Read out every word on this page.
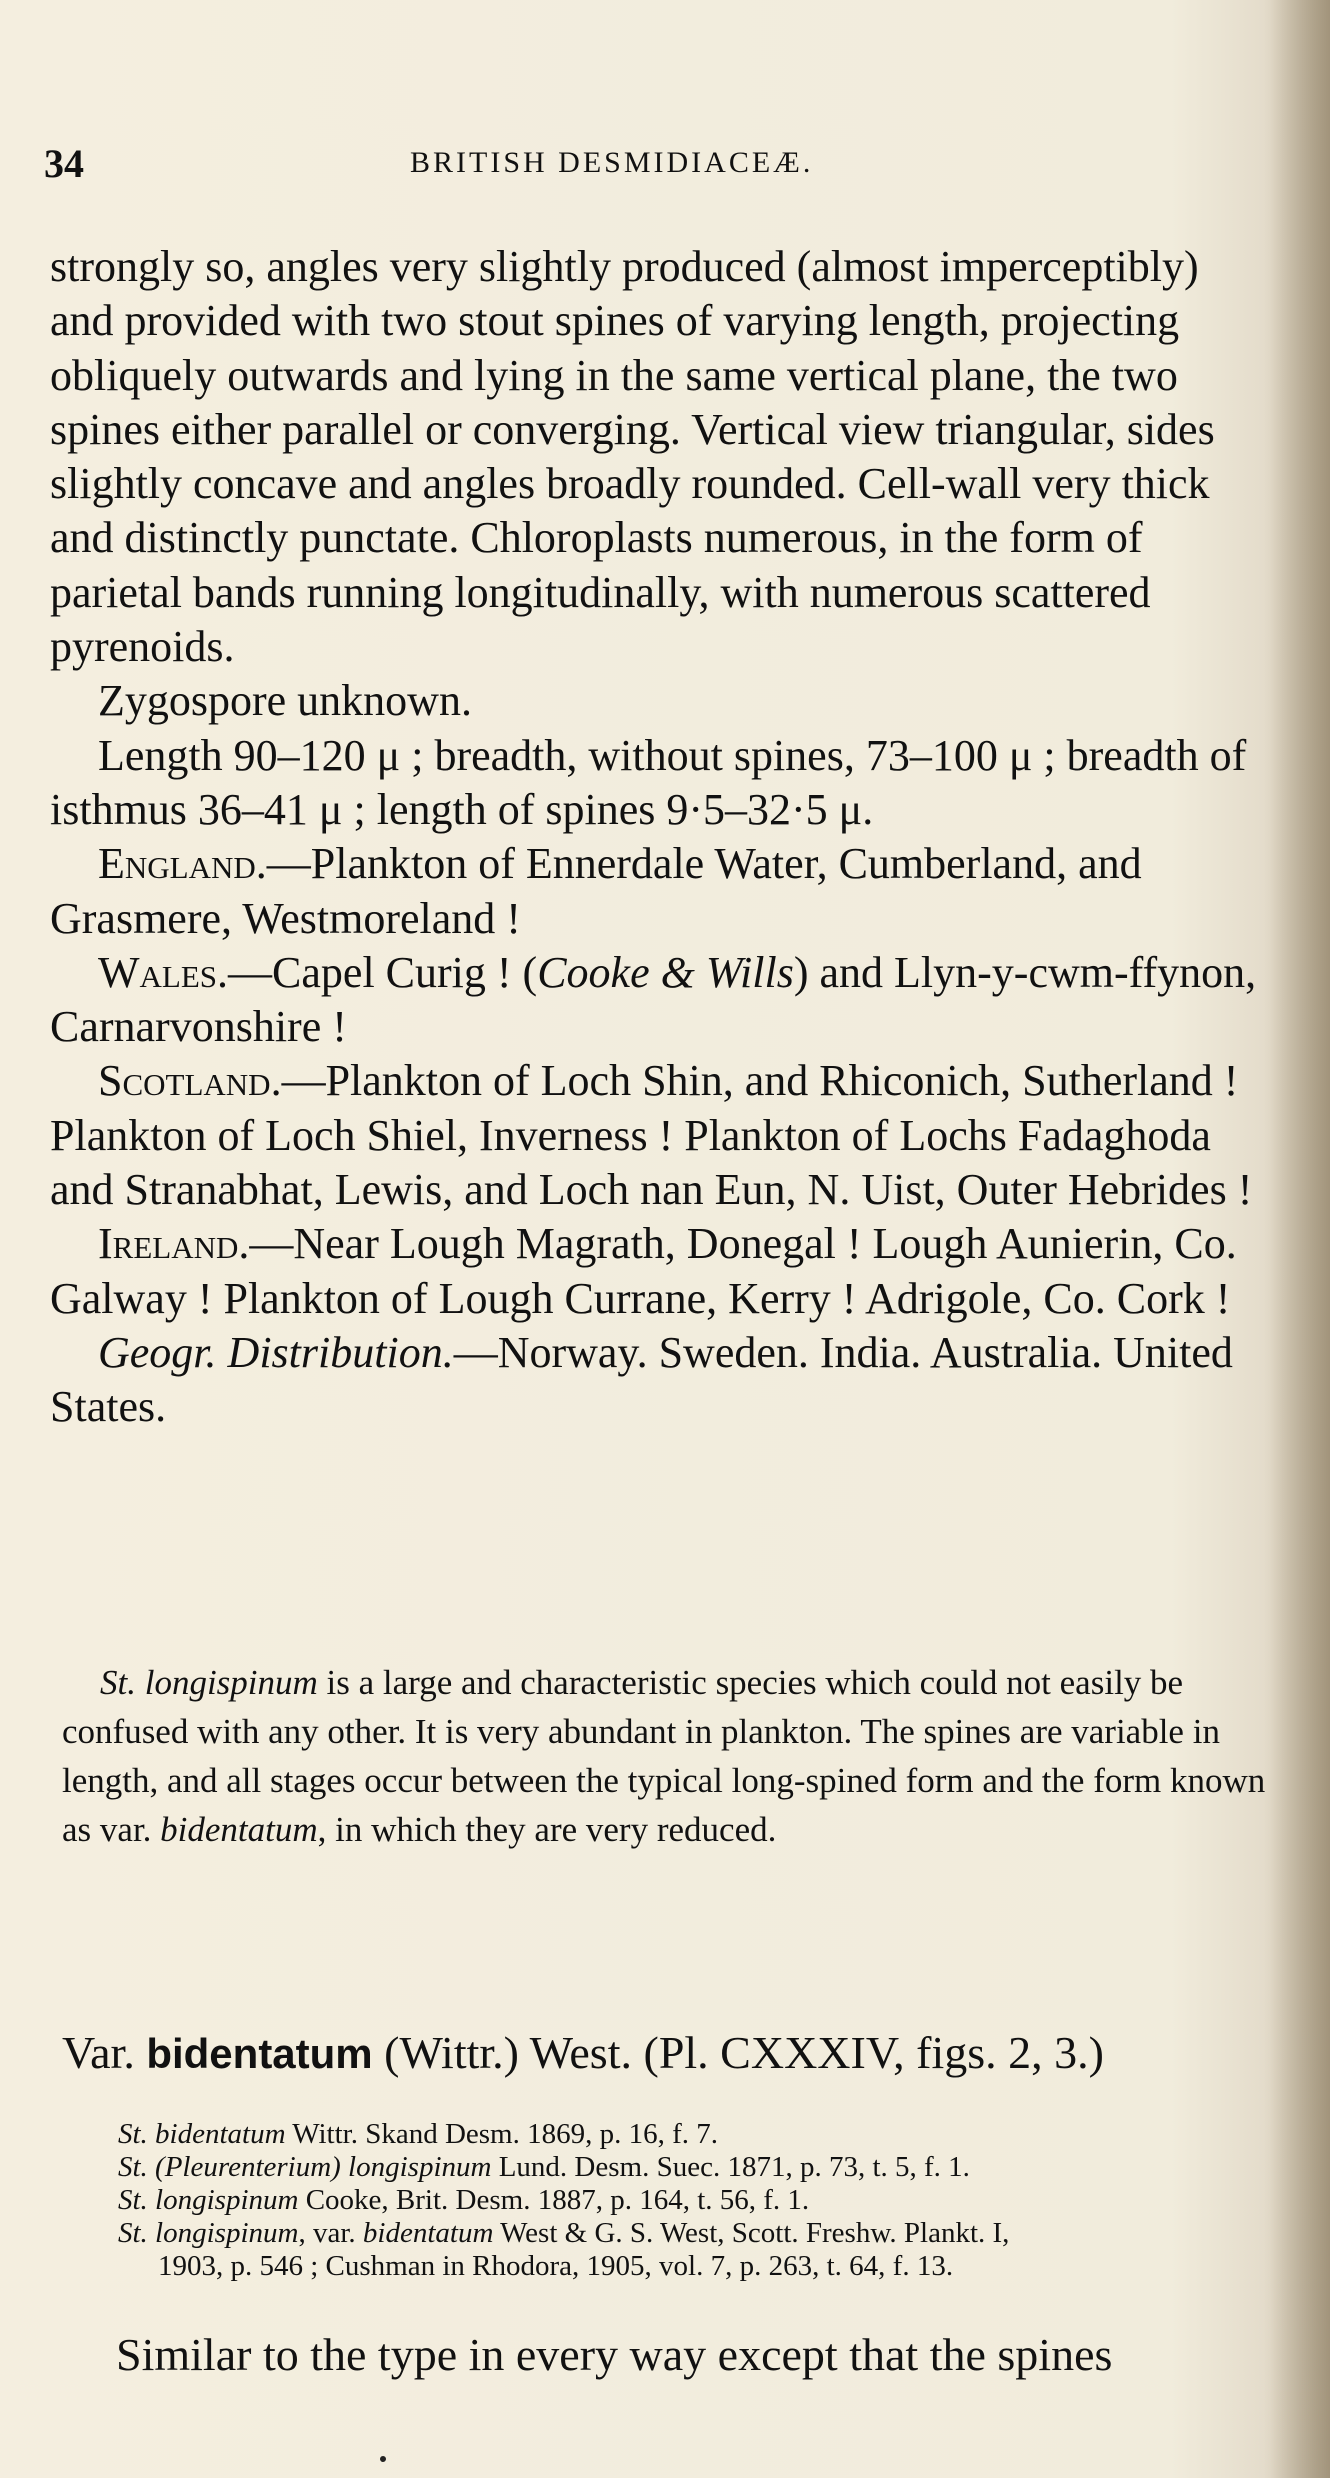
34	BRITISH DESMIDIACEÆ.

strongly so, angles very slightly produced (almost imperceptibly) and provided with two stout spines of varying length, projecting obliquely outwards and lying in the same vertical plane, the two spines either parallel or converging. Vertical view triangular, sides slightly concave and angles broadly rounded. Cell-wall very thick and distinctly punctate. Chloroplasts numerous, in the form of parietal bands running longitudinally, with numerous scattered pyrenoids.

Zygospore unknown.

Length 90–120 μ ; breadth, without spines, 73–100 μ ; breadth of isthmus 36–41 μ ; length of spines 9·5–32·5 μ.

England.—Plankton of Ennerdale Water, Cumberland, and Grasmere, Westmoreland !

Wales.—Capel Curig ! (Cooke & Wills) and Llyn-y-cwm-ffynon, Carnarvonshire !

Scotland.—Plankton of Loch Shin, and Rhiconich, Sutherland ! Plankton of Loch Shiel, Inverness ! Plankton of Lochs Fadaghoda and Stranabhat, Lewis, and Loch nan Eun, N. Uist, Outer Hebrides !

Ireland.—Near Lough Magrath, Donegal ! Lough Aunierin, Co. Galway ! Plankton of Lough Currane, Kerry ! Adrigole, Co. Cork !

Geogr. Distribution.—Norway. Sweden. India. Australia. United States.

St. longispinum is a large and characteristic species which could not easily be confused with any other. It is very abundant in plankton. The spines are variable in length, and all stages occur between the typical long-spined form and the form known as var. bidentatum, in which they are very reduced.

Var. bidentatum (Wittr.) West. (Pl. CXXXIV, figs. 2, 3.)

St. bidentatum Wittr. Skand Desm. 1869, p. 16, f. 7.

St. (Pleurenterium) longispinum Lund. Desm. Suec. 1871, p. 73, t. 5, f. 1.

St. longispinum Cooke, Brit. Desm. 1887, p. 164, t. 56, f. 1.

St. longispinum, var. bidentatum West & G. S. West, Scott. Freshw. Plankt. I,

1903, p. 546 ; Cushman in Rhodora, 1905, vol. 7, p. 263, t. 64, f. 13.

Similar to the type in every way except that the spines
